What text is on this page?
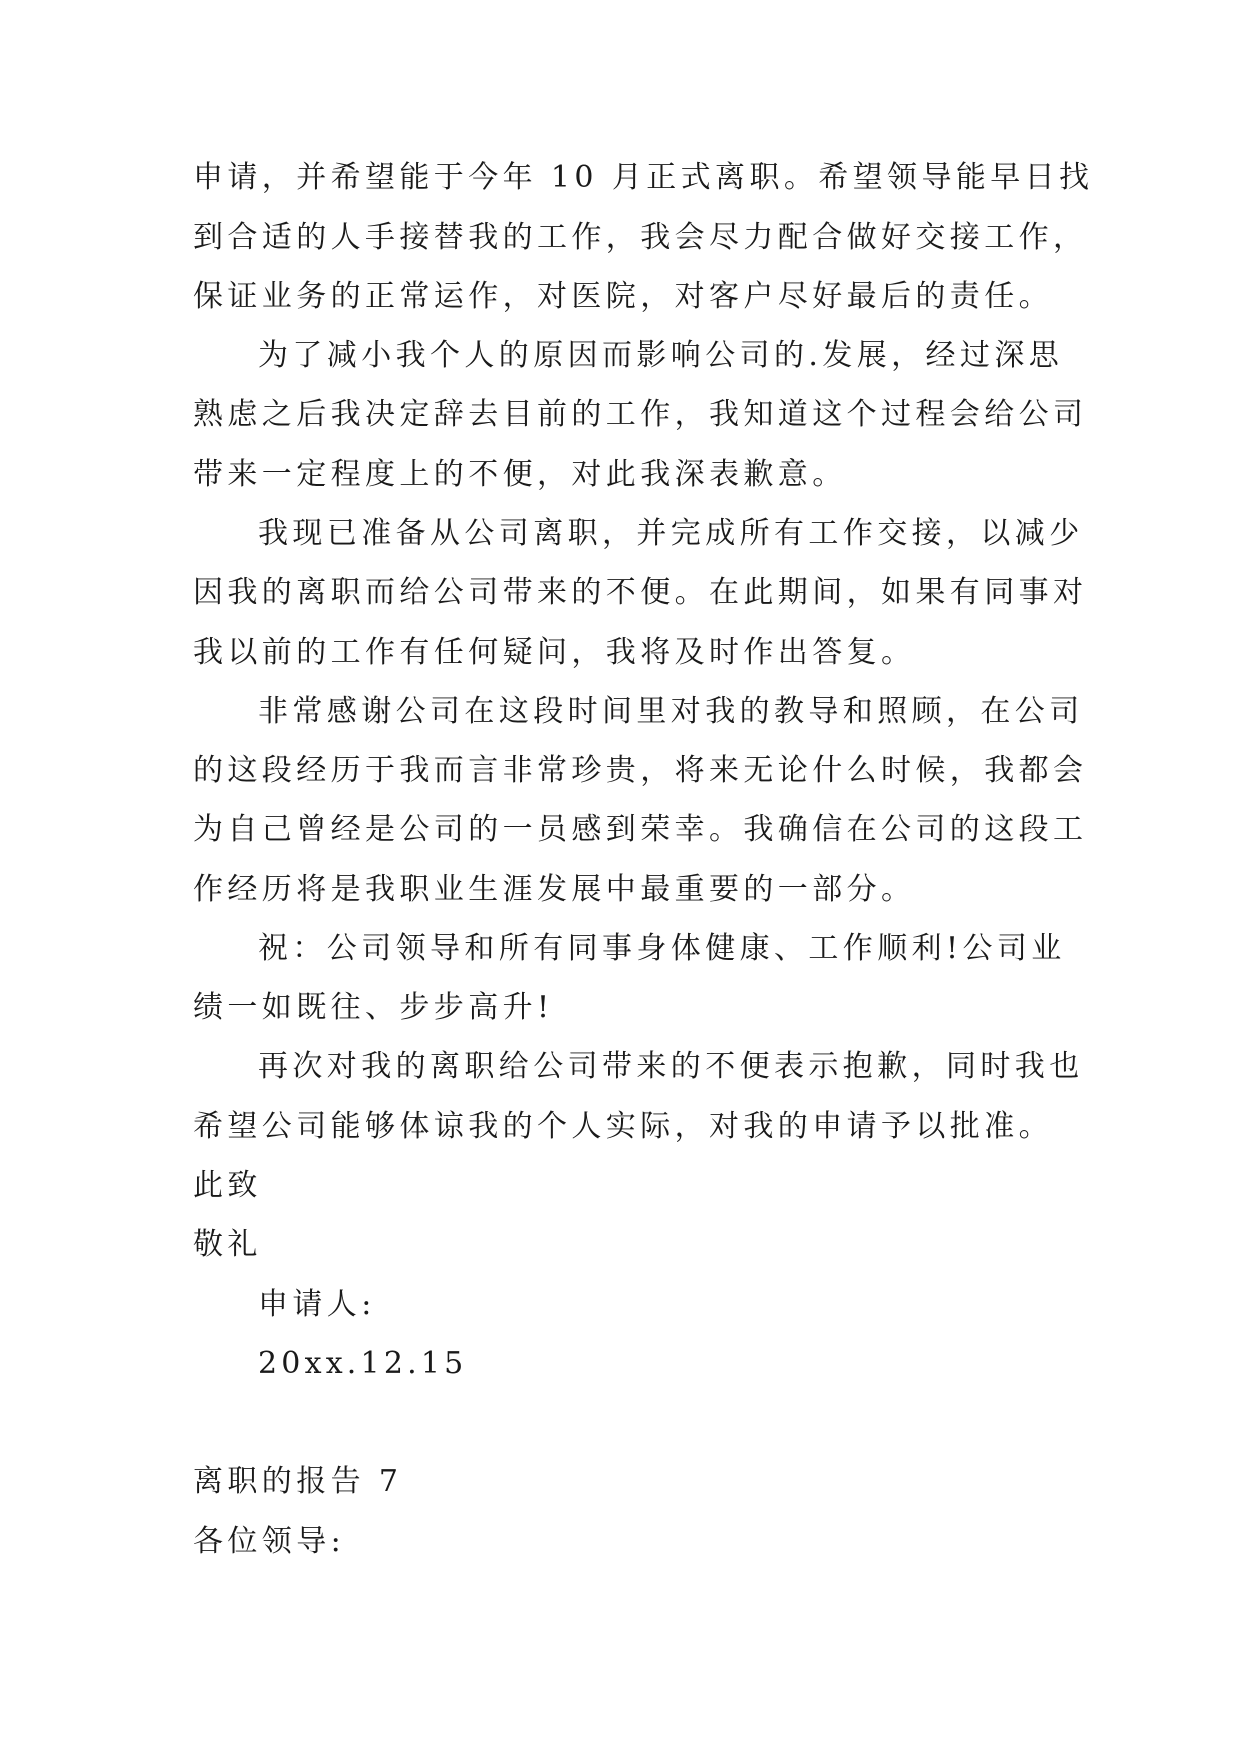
申请，并希望能于今年 10 月正式离职。希望领导能早日找
到合适的人手接替我的工作，我会尽力配合做好交接工作，
保证业务的正常运作，对医院，对客户尽好最后的责任。
为了减小我个人的原因而影响公司的.发展，经过深思
熟虑之后我决定辞去目前的工作，我知道这个过程会给公司
带来一定程度上的不便，对此我深表歉意。
我现已准备从公司离职，并完成所有工作交接，以减少
因我的离职而给公司带来的不便。在此期间，如果有同事对
我以前的工作有任何疑问，我将及时作出答复。
非常感谢公司在这段时间里对我的教导和照顾，在公司
的这段经历于我而言非常珍贵，将来无论什么时候，我都会
为自己曾经是公司的一员感到荣幸。我确信在公司的这段工
作经历将是我职业生涯发展中最重要的一部分。
祝：公司领导和所有同事身体健康、工作顺利!公司业
绩一如既往、步步高升!
再次对我的离职给公司带来的不便表示抱歉，同时我也
希望公司能够体谅我的个人实际，对我的申请予以批准。
此致
敬礼
申请人:
20xx.12.15
离职的报告 7
各位领导:
